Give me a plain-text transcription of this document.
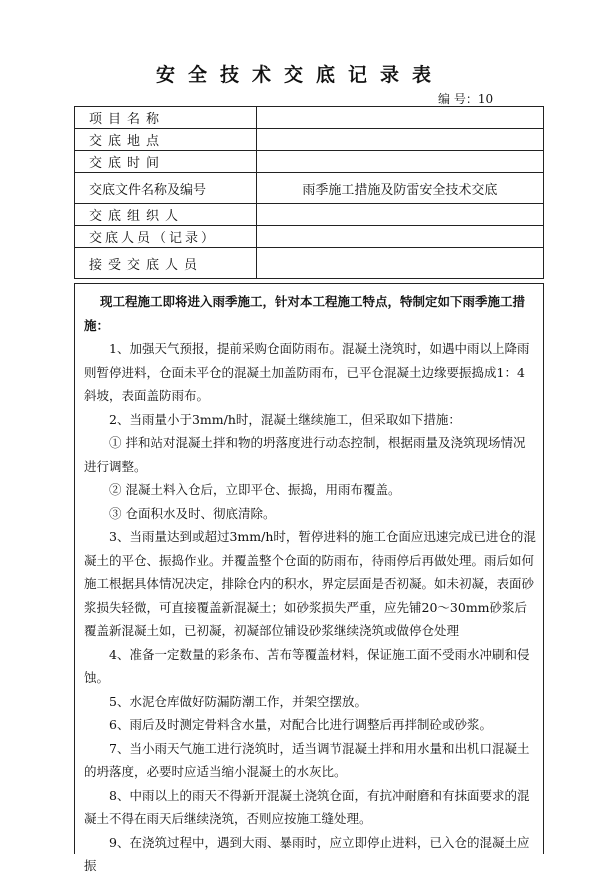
安全技术交底记录表
编 号：10
项目名称	
交底地点	
交底时间	
交底文件名称及编号	雨季施工措施及防雷安全技术交底
交底组织人	
交底人员（记录）	
接受交底人员	

现工程施工即将进入雨季施工，针对本工程施工特点，特制定如下雨季施工措施：

1、加强天气预报，提前采购仓面防雨布。混凝土浇筑时，如遇中雨以上降雨则暂停进料，仓面未平仓的混凝土加盖防雨布，已平仓混凝土边缘要振捣成1：4斜坡，表面盖防雨布。

2、当雨量小于3mm/h时，混凝土继续施工，但采取如下措施：

① 拌和站对混凝土拌和物的坍落度进行动态控制，根据雨量及浇筑现场情况进行调整。

② 混凝土料入仓后，立即平仓、振捣，用雨布覆盖。

③ 仓面积水及时、彻底清除。

3、当雨量达到或超过3mm/h时，暂停进料的施工仓面应迅速完成已进仓的混凝土的平仓、振捣作业。并覆盖整个仓面的防雨布，待雨停后再做处理。雨后如何施工根据具体情况决定，排除仓内的积水，界定层面是否初凝。如未初凝，表面砂浆损失轻微，可直接覆盖新混凝土；如砂浆损失严重，应先铺20～30mm砂浆后覆盖新混凝土如，已初凝，初凝部位铺设砂浆继续浇筑或做停仓处理

4、准备一定数量的彩条布、苫布等覆盖材料，保证施工面不受雨水冲刷和侵蚀。

5、水泥仓库做好防漏防潮工作，并架空摆放。

6、雨后及时测定骨料含水量，对配合比进行调整后再拌制砼或砂浆。

7、当小雨天气施工进行浇筑时，适当调节混凝土拌和用水量和出机口混凝土的坍落度，必要时应适当缩小混凝土的水灰比。

8、中雨以上的雨天不得新开混凝土浇筑仓面，有抗冲耐磨和有抹面要求的混凝土不得在雨天后继续浇筑，否则应按施工缝处理。

9、在浇筑过程中，遇到大雨、暴雨时，应立即停止进料，已入仓的混凝土应振
